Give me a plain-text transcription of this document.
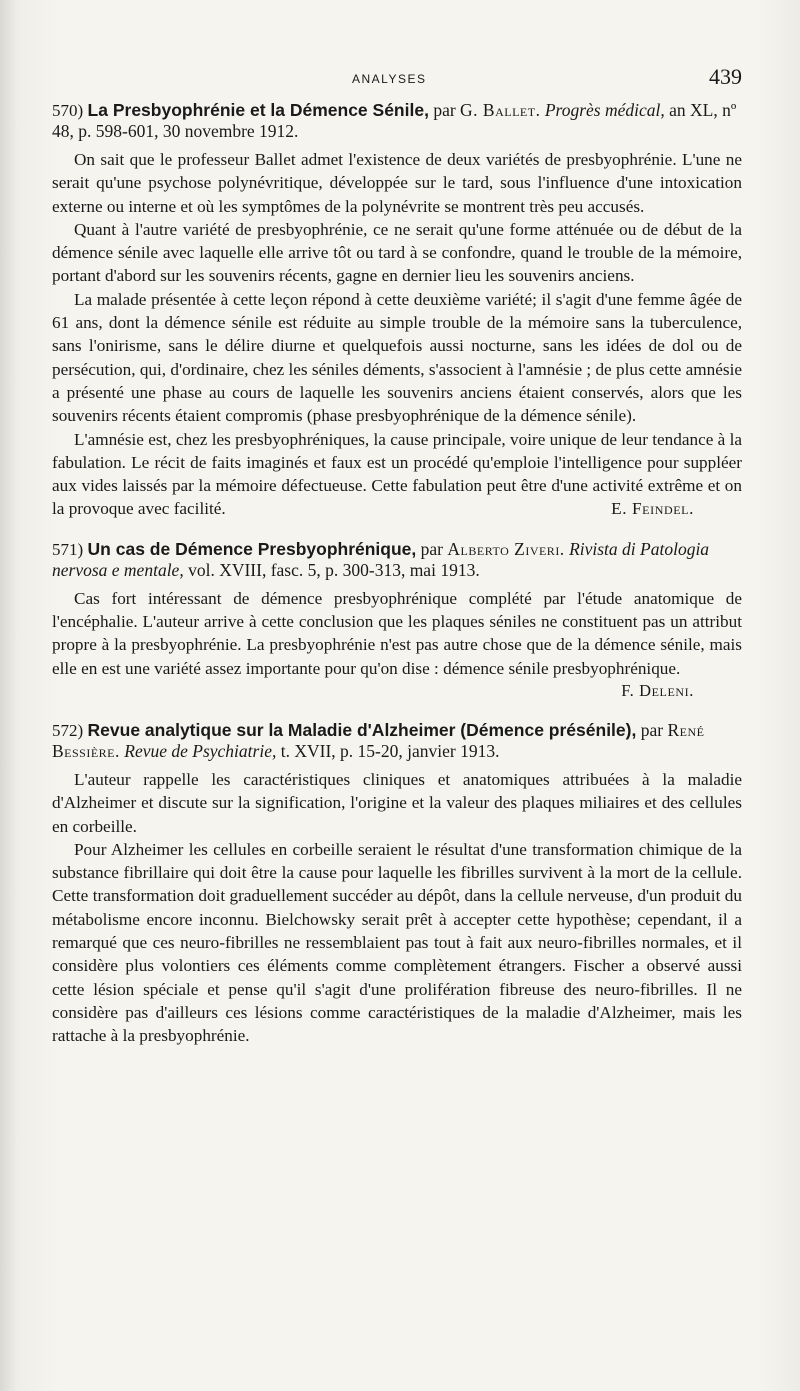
ANALYSES	439
570) La Presbyophrénie et la Démence Sénile, par G. Ballet. Progrès médical, an XL, nº 48, p. 598-601, 30 novembre 1912.

On sait que le professeur Ballet admet l'existence de deux variétés de presbyophrénie. L'une ne serait qu'une psychose polynévritique, développée sur le tard, sous l'influence d'une intoxication externe ou interne et où les symptômes de la polynévrite se montrent très peu accusés.

Quant à l'autre variété de presbyophrénie, ce ne serait qu'une forme atténuée ou de début de la démence sénile avec laquelle elle arrive tôt ou tard à se confondre, quand le trouble de la mémoire, portant d'abord sur les souvenirs récents, gagne en dernier lieu les souvenirs anciens.

La malade présentée à cette leçon répond à cette deuxième variété; il s'agit d'une femme âgée de 61 ans, dont la démence sénile est réduite au simple trouble de la mémoire sans la tuberculence, sans l'onirisme, sans le délire diurne et quelquefois aussi nocturne, sans les idées de dol ou de persécution, qui, d'ordinaire, chez les séniles déments, s'associent à l'amnésie ; de plus cette amnésie a présenté une phase au cours de laquelle les souvenirs anciens étaient conservés, alors que les souvenirs récents étaient compromis (phase presbyophrénique de la démence sénile).

L'amnésie est, chez les presbyophréniques, la cause principale, voire unique de leur tendance à la fabulation. Le récit de faits imaginés et faux est un procédé qu'emploie l'intelligence pour suppléer aux vides laissés par la mémoire défectueuse. Cette fabulation peut être d'une activité extrême et on la provoque avec facilité.	E. Feindel.

571) Un cas de Démence Presbyophrénique, par Alberto Ziveri. Rivista di Patologia nervosa e mentale, vol. XVIII, fasc. 5, p. 300-313, mai 1913.

Cas fort intéressant de démence presbyophrénique complété par l'étude anatomique de l'encéphalie. L'auteur arrive à cette conclusion que les plaques séniles ne constituent pas un attribut propre à la presbyophrénie. La presbyophrénie n'est pas autre chose que de la démence sénile, mais elle en est une variété assez importante pour qu'on dise : démence sénile presbyophrénique.

F. Deleni.
572) Revue analytique sur la Maladie d'Alzheimer (Démence présénile), par René Bessière. Revue de Psychiatrie, t. XVII, p. 15-20, janvier 1913.

L'auteur rappelle les caractéristiques cliniques et anatomiques attribuées à la maladie d'Alzheimer et discute sur la signification, l'origine et la valeur des plaques miliaires et des cellules en corbeille.

Pour Alzheimer les cellules en corbeille seraient le résultat d'une transformation chimique de la substance fibrillaire qui doit être la cause pour laquelle les fibrilles survivent à la mort de la cellule. Cette transformation doit graduellement succéder au dépôt, dans la cellule nerveuse, d'un produit du métabolisme encore inconnu. Bielchowsky serait prêt à accepter cette hypothèse; cependant, il a remarqué que ces neuro-fibrilles ne ressemblaient pas tout à fait aux neuro-fibrilles normales, et il considère plus volontiers ces éléments comme complètement étrangers. Fischer a observé aussi cette lésion spéciale et pense qu'il s'agit d'une prolifération fibreuse des neuro-fibrilles. Il ne considère pas d'ailleurs ces lésions comme caractéristiques de la maladie d'Alzheimer, mais les rattache à la presbyophrénie.
